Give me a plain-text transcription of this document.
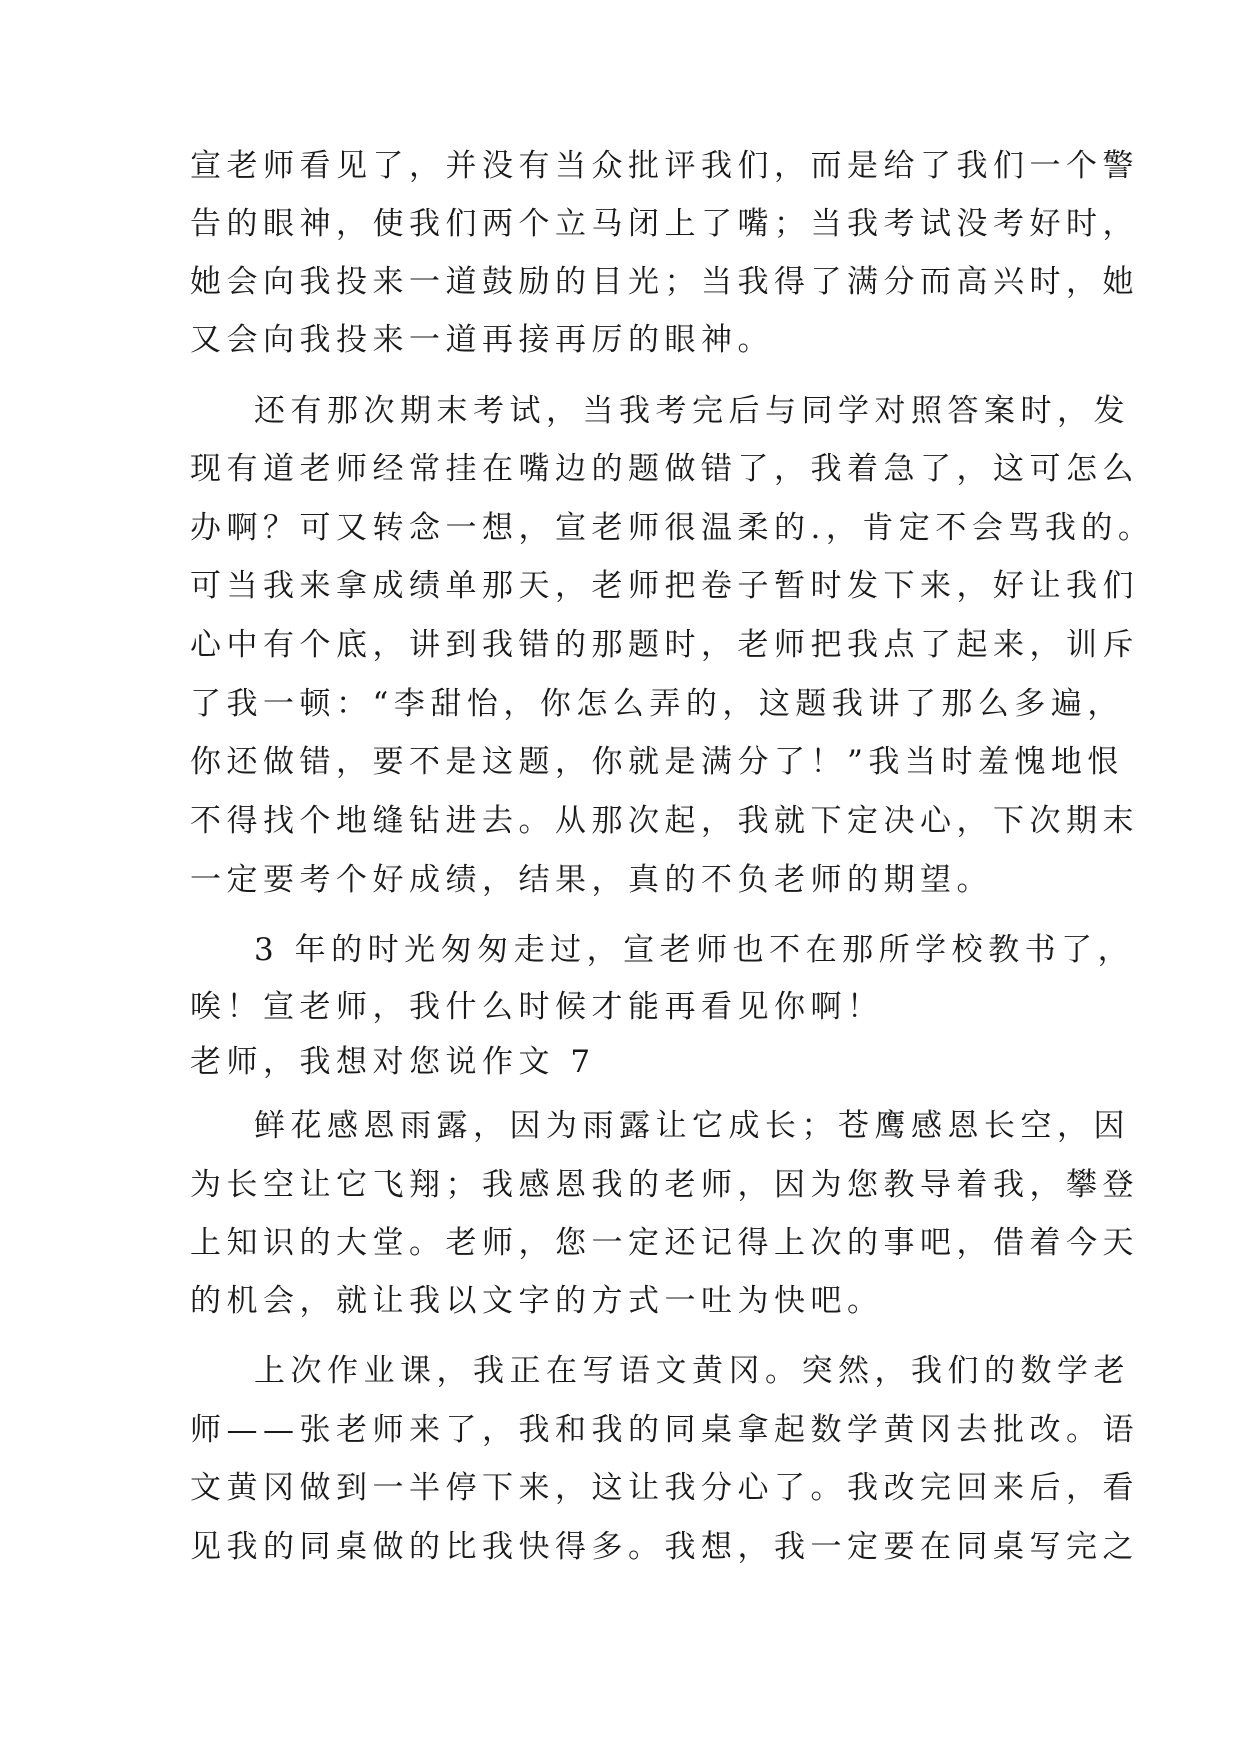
宣老师看见了，并没有当众批评我们，而是给了我们一个警
告的眼神，使我们两个立马闭上了嘴；当我考试没考好时，
她会向我投来一道鼓励的目光；当我得了满分而高兴时，她
又会向我投来一道再接再厉的眼神。
还有那次期末考试，当我考完后与同学对照答案时，发
现有道老师经常挂在嘴边的题做错了，我着急了，这可怎么
办啊？可又转念一想，宣老师很温柔的.，肯定不会骂我的。
可当我来拿成绩单那天，老师把卷子暂时发下来，好让我们
心中有个底，讲到我错的那题时，老师把我点了起来，训斥
了我一顿：“李甜怡，你怎么弄的，这题我讲了那么多遍，
你还做错，要不是这题，你就是满分了！”我当时羞愧地恨
不得找个地缝钻进去。从那次起，我就下定决心，下次期末
一定要考个好成绩，结果，真的不负老师的期望。
3 年的时光匆匆走过，宣老师也不在那所学校教书了，
唉！宣老师，我什么时候才能再看见你啊！
老师，我想对您说作文 7
鲜花感恩雨露，因为雨露让它成长；苍鹰感恩长空，因
为长空让它飞翔；我感恩我的老师，因为您教导着我，攀登
上知识的大堂。老师，您一定还记得上次的事吧，借着今天
的机会，就让我以文字的方式一吐为快吧。
上次作业课，我正在写语文黄冈。突然，我们的数学老
师——张老师来了，我和我的同桌拿起数学黄冈去批改。语
文黄冈做到一半停下来，这让我分心了。我改完回来后，看
见我的同桌做的比我快得多。我想，我一定要在同桌写完之
